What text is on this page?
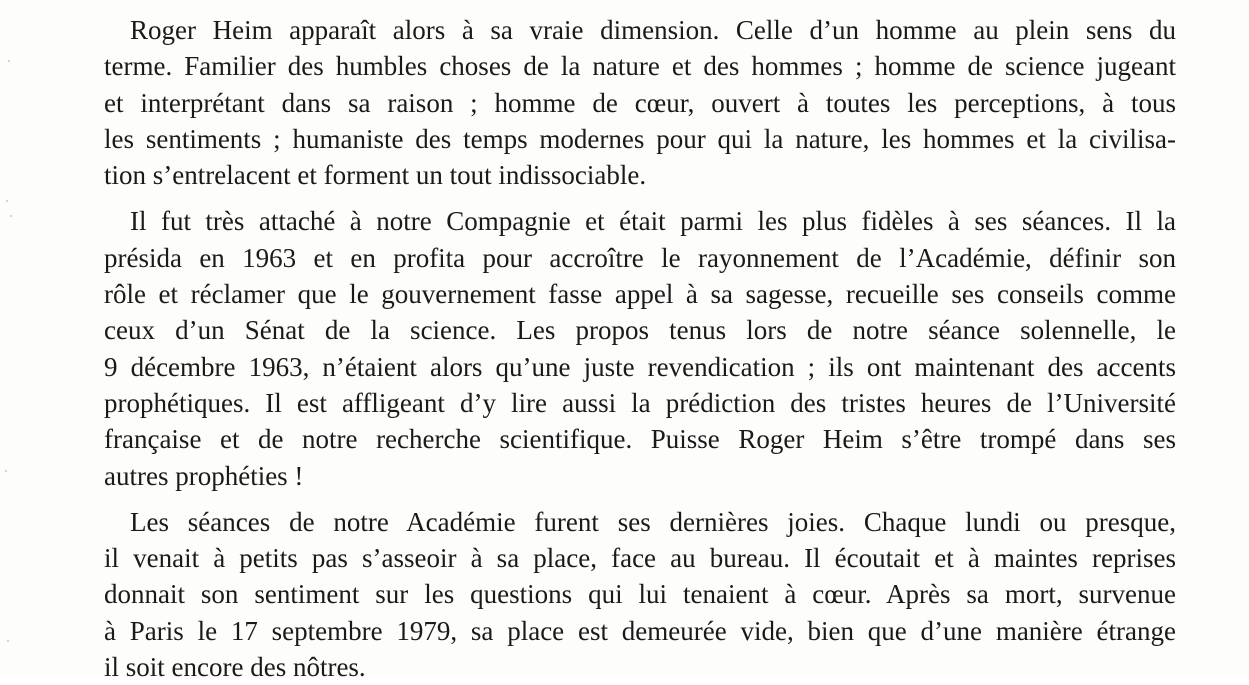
Roger Heim apparaît alors à sa vraie dimension. Celle d’un homme au plein sens du
terme. Familier des humbles choses de la nature et des hommes ; homme de science jugeant
et interprétant dans sa raison ; homme de cœur, ouvert à toutes les perceptions, à tous
les sentiments ; humaniste des temps modernes pour qui la nature, les hommes et la civilisa-
tion s’entrelacent et forment un tout indissociable.

Il fut très attaché à notre Compagnie et était parmi les plus fidèles à ses séances. Il la
présida en 1963 et en profita pour accroître le rayonnement de l’Académie, définir son
rôle et réclamer que le gouvernement fasse appel à sa sagesse, recueille ses conseils comme
ceux d’un Sénat de la science. Les propos tenus lors de notre séance solennelle, le
9 décembre 1963, n’étaient alors qu’une juste revendication ; ils ont maintenant des accents
prophétiques. Il est affligeant d’y lire aussi la prédiction des tristes heures de l’Université
française et de notre recherche scientifique. Puisse Roger Heim s’être trompé dans ses
autres prophéties !

Les séances de notre Académie furent ses dernières joies. Chaque lundi ou presque,
il venait à petits pas s’asseoir à sa place, face au bureau. Il écoutait et à maintes reprises
donnait son sentiment sur les questions qui lui tenaient à cœur. Après sa mort, survenue
à Paris le 17 septembre 1979, sa place est demeurée vide, bien que d’une manière étrange
il soit encore des nôtres.
